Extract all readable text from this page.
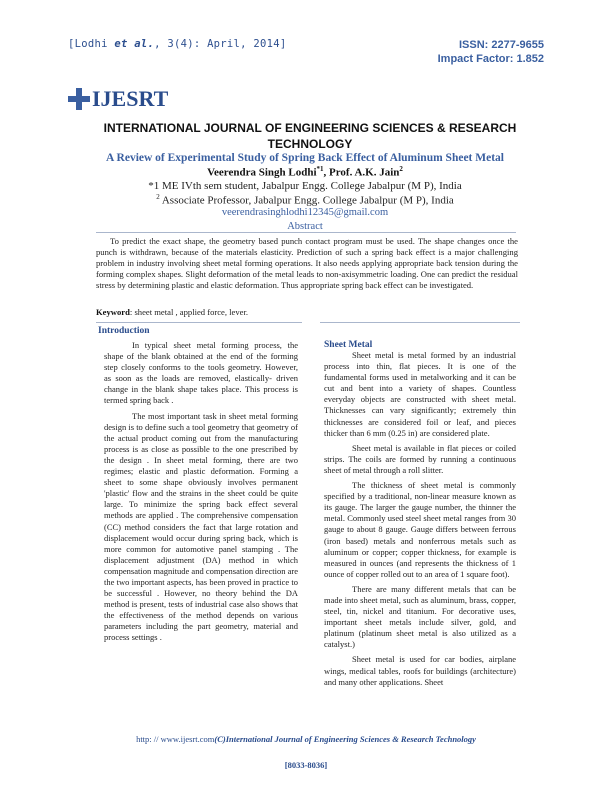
[Lodhi et al., 3(4): April, 2014]	ISSN: 2277-9655
Impact Factor: 1.852
IJESRT
INTERNATIONAL JOURNAL OF ENGINEERING SCIENCES & RESEARCH TECHNOLOGY
A Review of Experimental Study of Spring Back Effect of Aluminum Sheet Metal
Veerendra Singh Lodhi$^{*1}$, Prof. A.K. Jain$^2$
*1 ME IVth sem student, Jabalpur Engg. College Jabalpur (M P), India
$^2$ Associate Professor, Jabalpur Engg. College Jabalpur (M P), India
veerendrasinghlodhi12345@gmail.com
Abstract
To predict the exact shape, the geometry based punch contact program must be used. The shape changes once the punch is withdrawn, because of the materials elasticity. Prediction of such a spring back effect is a major challenging problem in industry involving sheet metal forming operations. It also needs applying appropriate back tension during the forming complex shapes. Slight deformation of the metal leads to non-axisymmetric loading. One can predict the residual stress by determining plastic and elastic deformation. Thus appropriate spring back effect can be investigated.
Keyword: sheet metal , applied force, lever.
Introduction

In typical sheet metal forming process, the shape of the blank obtained at the end of the forming step closely conforms to the tools geometry. However, as soon as the loads are removed, elastically- driven change in the blank shape takes place. This process is termed spring back .

The most important task in sheet metal forming design is to define such a tool geometry that geometry of the actual product coming out from the manufacturing process is as close as possible to the one prescribed by the design . In sheet metal forming, there are two regimes; elastic and plastic deformation. Forming a sheet to some shape obviously involves permanent 'plastic' flow and the strains in the sheet could be quite large. To minimize the spring back effect several methods are applied . The comprehensive compensation (CC) method considers the fact that large rotation and displacement would occur during spring back, which is more common for automotive panel stamping . The displacement adjustment (DA) method in which compensation magnitude and compensation direction are the two important aspects, has been proved in practice to be successful . However, no theory behind the DA method is present, tests of industrial case also shows that the effectiveness of the method depends on various parameters including the part geometry, material and process settings .

Sheet Metal

Sheet metal is metal formed by an industrial process into thin, flat pieces. It is one of the fundamental forms used in metalworking and it can be cut and bent into a variety of shapes. Countless everyday objects are constructed with sheet metal. Thicknesses can vary significantly; extremely thin thicknesses are considered foil or leaf, and pieces thicker than 6 mm (0.25 in) are considered plate.

Sheet metal is available in flat pieces or coiled strips. The coils are formed by running a continuous sheet of metal through a roll slitter.

The thickness of sheet metal is commonly specified by a traditional, non-linear measure known as its gauge. The larger the gauge number, the thinner the metal. Commonly used steel sheet metal ranges from 30 gauge to about 8 gauge. Gauge differs between ferrous (iron based) metals and nonferrous metals such as aluminum or copper; copper thickness, for example is measured in ounces (and represents the thickness of 1 ounce of copper rolled out to an area of 1 square foot).

There are many different metals that can be made into sheet metal, such as aluminum, brass, copper, steel, tin, nickel and titanium. For decorative uses, important sheet metals include silver, gold, and platinum (platinum sheet metal is also utilized as a catalyst.)

Sheet metal is used for car bodies, airplane wings, medical tables, roofs for buildings (architecture) and many other applications. Sheet

http: // www.ijesrt.com(C)International Journal of Engineering Sciences & Research Technology
[8033-8036]
